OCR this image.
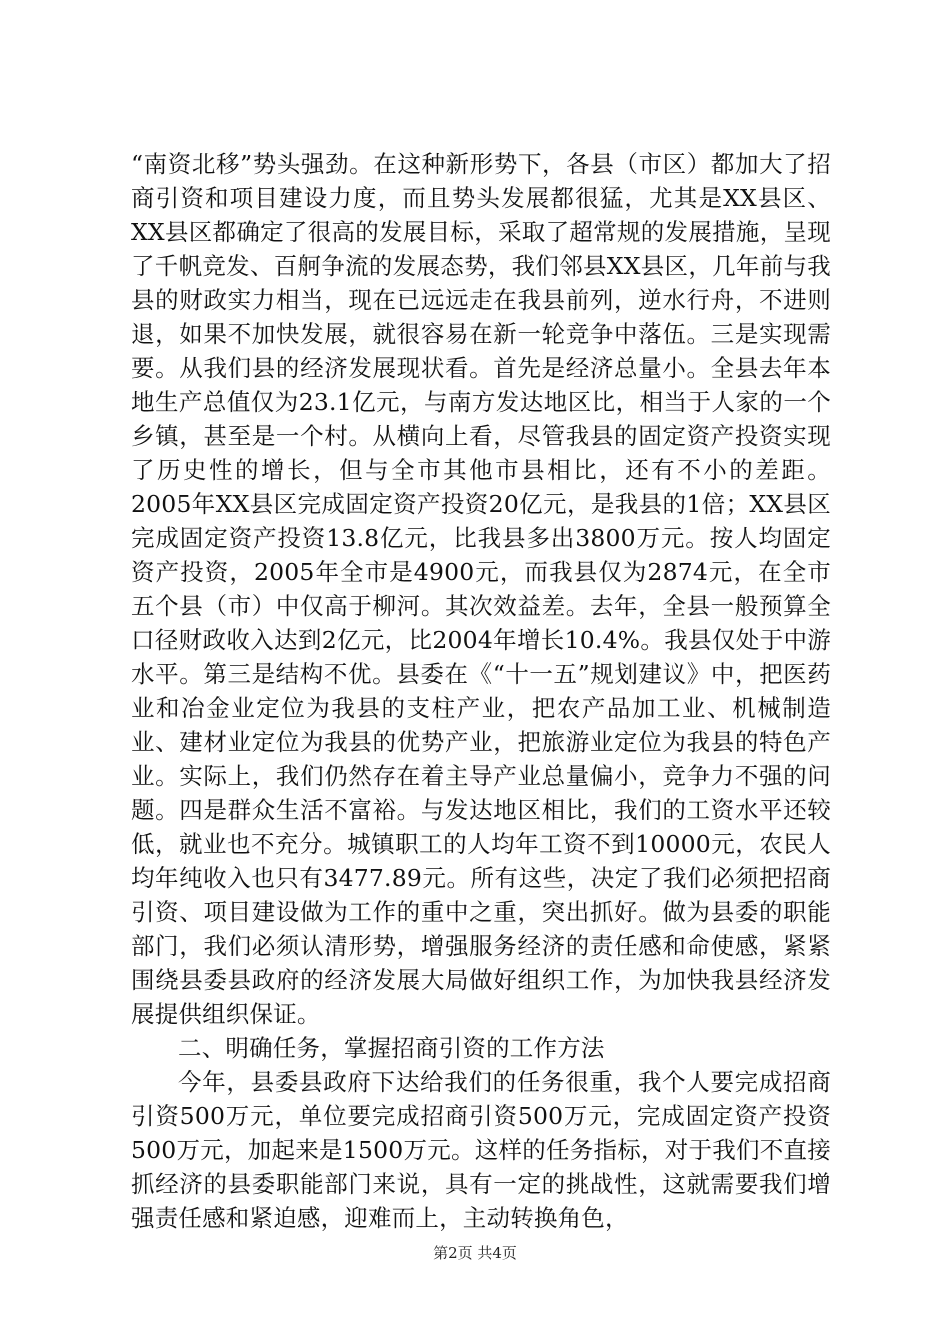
“南资北移”势头强劲。在这种新形势下，各县（市区）都加大了招商引资和项目建设力度，而且势头发展都很猛，尤其是XX县区、XX县区都确定了很高的发展目标，采取了超常规的发展措施，呈现了千帆竞发、百舸争流的发展态势，我们邻县XX县区，几年前与我县的财政实力相当，现在已远远走在我县前列，逆水行舟，不进则退，如果不加快发展，就很容易在新一轮竞争中落伍。三是实现需要。从我们县的经济发展现状看。首先是经济总量小。全县去年本地生产总值仅为23.1亿元，与南方发达地区比，相当于人家的一个乡镇，甚至是一个村。从横向上看，尽管我县的固定资产投资实现了历史性的增长，但与全市其他市县相比，还有不小的差距。2005年XX县区完成固定资产投资20亿元，是我县的1倍；XX县区完成固定资产投资13.8亿元，比我县多出3800万元。按人均固定资产投资，2005年全市是4900元，而我县仅为2874元，在全市五个县（市）中仅高于柳河。其次效益差。去年，全县一般预算全口径财政收入达到2亿元，比2004年增长10.4%。我县仅处于中游水平。第三是结构不优。县委在《“十一五”规划建议》中，把医药业和冶金业定位为我县的支柱产业，把农产品加工业、机械制造业、建材业定位为我县的优势产业，把旅游业定位为我县的特色产业。实际上，我们仍然存在着主导产业总量偏小，竞争力不强的问题。四是群众生活不富裕。与发达地区相比，我们的工资水平还较低，就业也不充分。城镇职工的人均年工资不到10000元，农民人均年纯收入也只有3477.89元。所有这些，决定了我们必须把招商引资、项目建设做为工作的重中之重，突出抓好。做为县委的职能部门，我们必须认清形势，增强服务经济的责任感和命使感，紧紧围绕县委县政府的经济发展大局做好组织工作，为加快我县经济发展提供组织保证。

二、明确任务，掌握招商引资的工作方法

今年，县委县政府下达给我们的任务很重，我个人要完成招商引资500万元，单位要完成招商引资500万元，完成固定资产投资500万元，加起来是1500万元。这样的任务指标，对于我们不直接抓经济的县委职能部门来说，具有一定的挑战性，这就需要我们增强责任感和紧迫感，迎难而上，主动转换角色，

第2页 共4页
